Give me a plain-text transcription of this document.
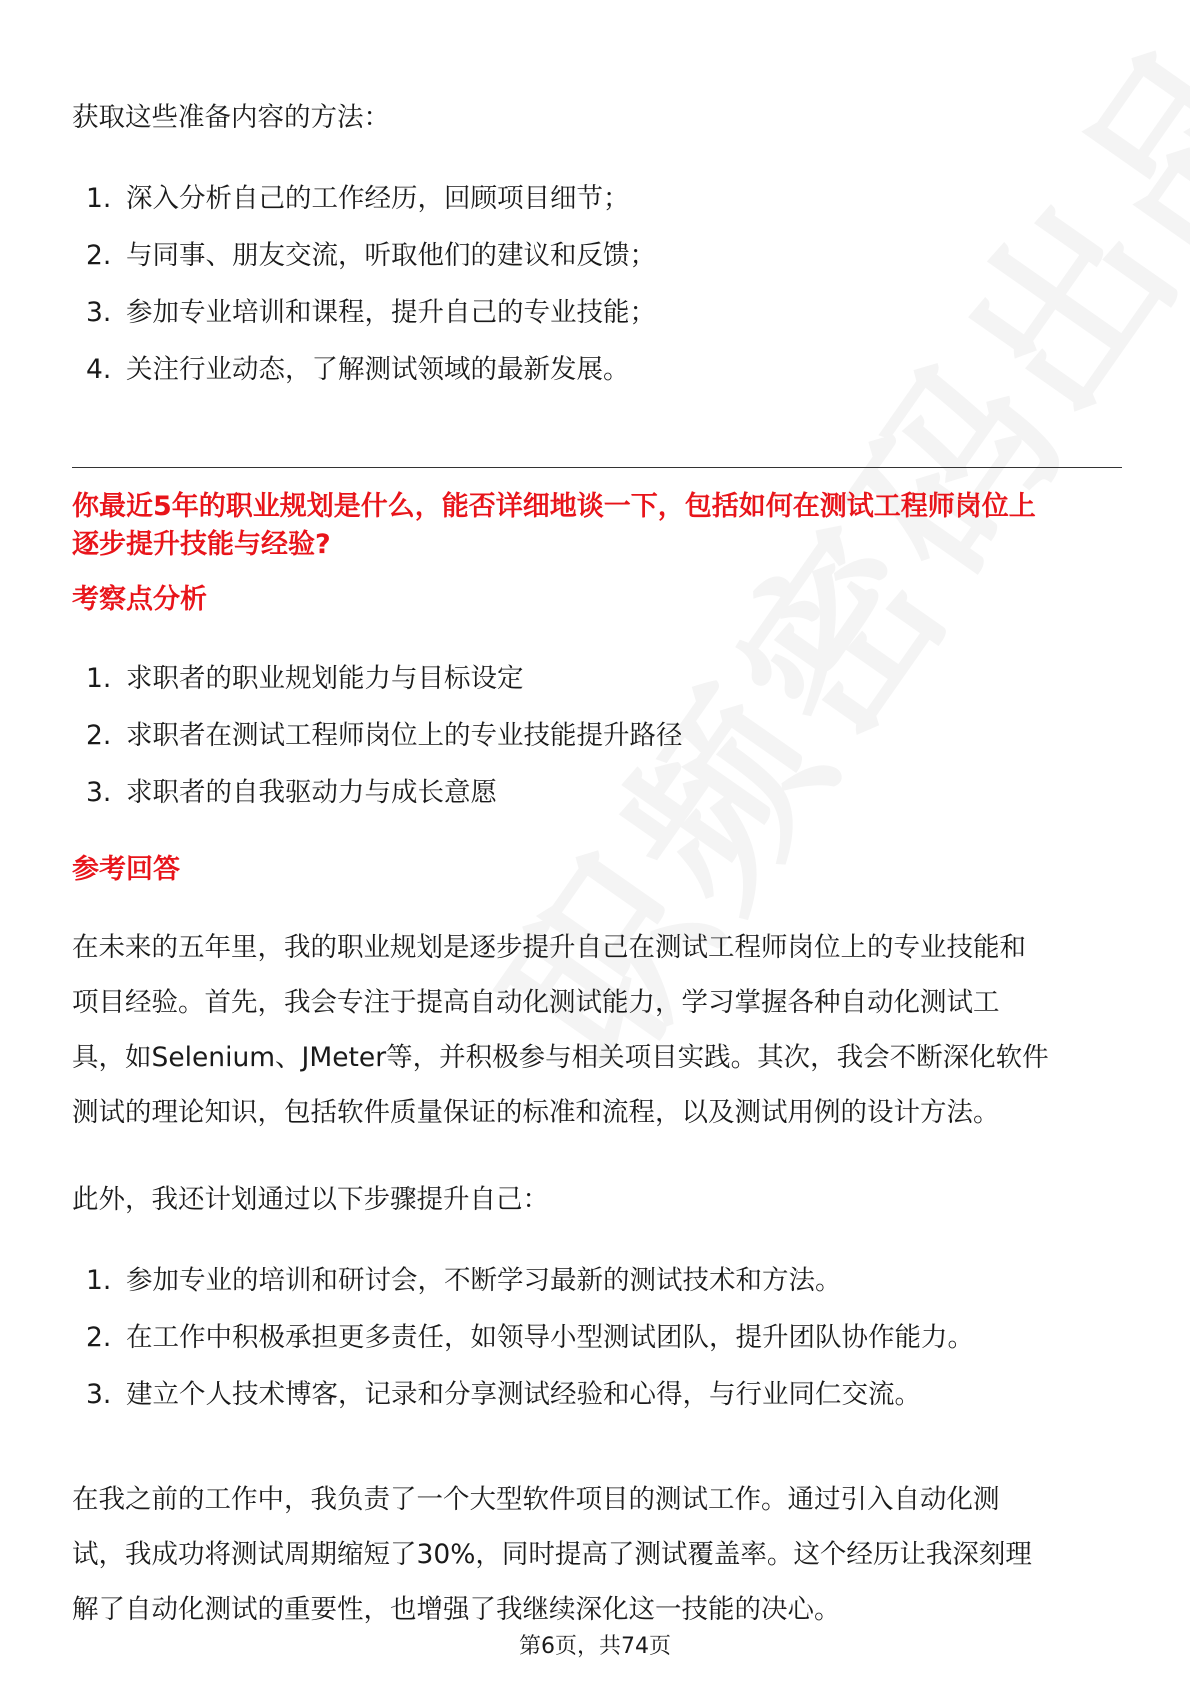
获取这些准备内容的方法：

1. 深入分析自己的工作经历，回顾项目细节；
2. 与同事、朋友交流，听取他们的建议和反馈；
3. 参加专业培训和课程，提升自己的专业技能；
4. 关注行业动态，了解测试领域的最新发展。
你最近5年的职业规划是什么，能否详细地谈一下，包括如何在测试工程师岗位上
逐步提升技能与经验?
考察点分析
1. 求职者的职业规划能力与目标设定
2. 求职者在测试工程师岗位上的专业技能提升路径
3. 求职者的自我驱动力与成长意愿
参考回答

在未来的五年里，我的职业规划是逐步提升自己在测试工程师岗位上的专业技能和
项目经验。首先，我会专注于提高自动化测试能力，学习掌握各种自动化测试工
具，如Selenium、JMeter等，并积极参与相关项目实践。其次，我会不断深化软件
测试的理论知识，包括软件质量保证的标准和流程，以及测试用例的设计方法。

此外，我还计划通过以下步骤提升自己：

1. 参加专业的培训和研讨会，不断学习最新的测试技术和方法。
2. 在工作中积极承担更多责任，如领导小型测试团队，提升团队协作能力。
3. 建立个人技术博客，记录和分享测试经验和心得，与行业同仁交流。

在我之前的工作中，我负责了一个大型软件项目的测试工作。通过引入自动化测
试，我成功将测试周期缩短了30%，同时提高了测试覆盖率。这个经历让我深刻理
解了自动化测试的重要性，也增强了我继续深化这一技能的决心。

第6页，共74页
